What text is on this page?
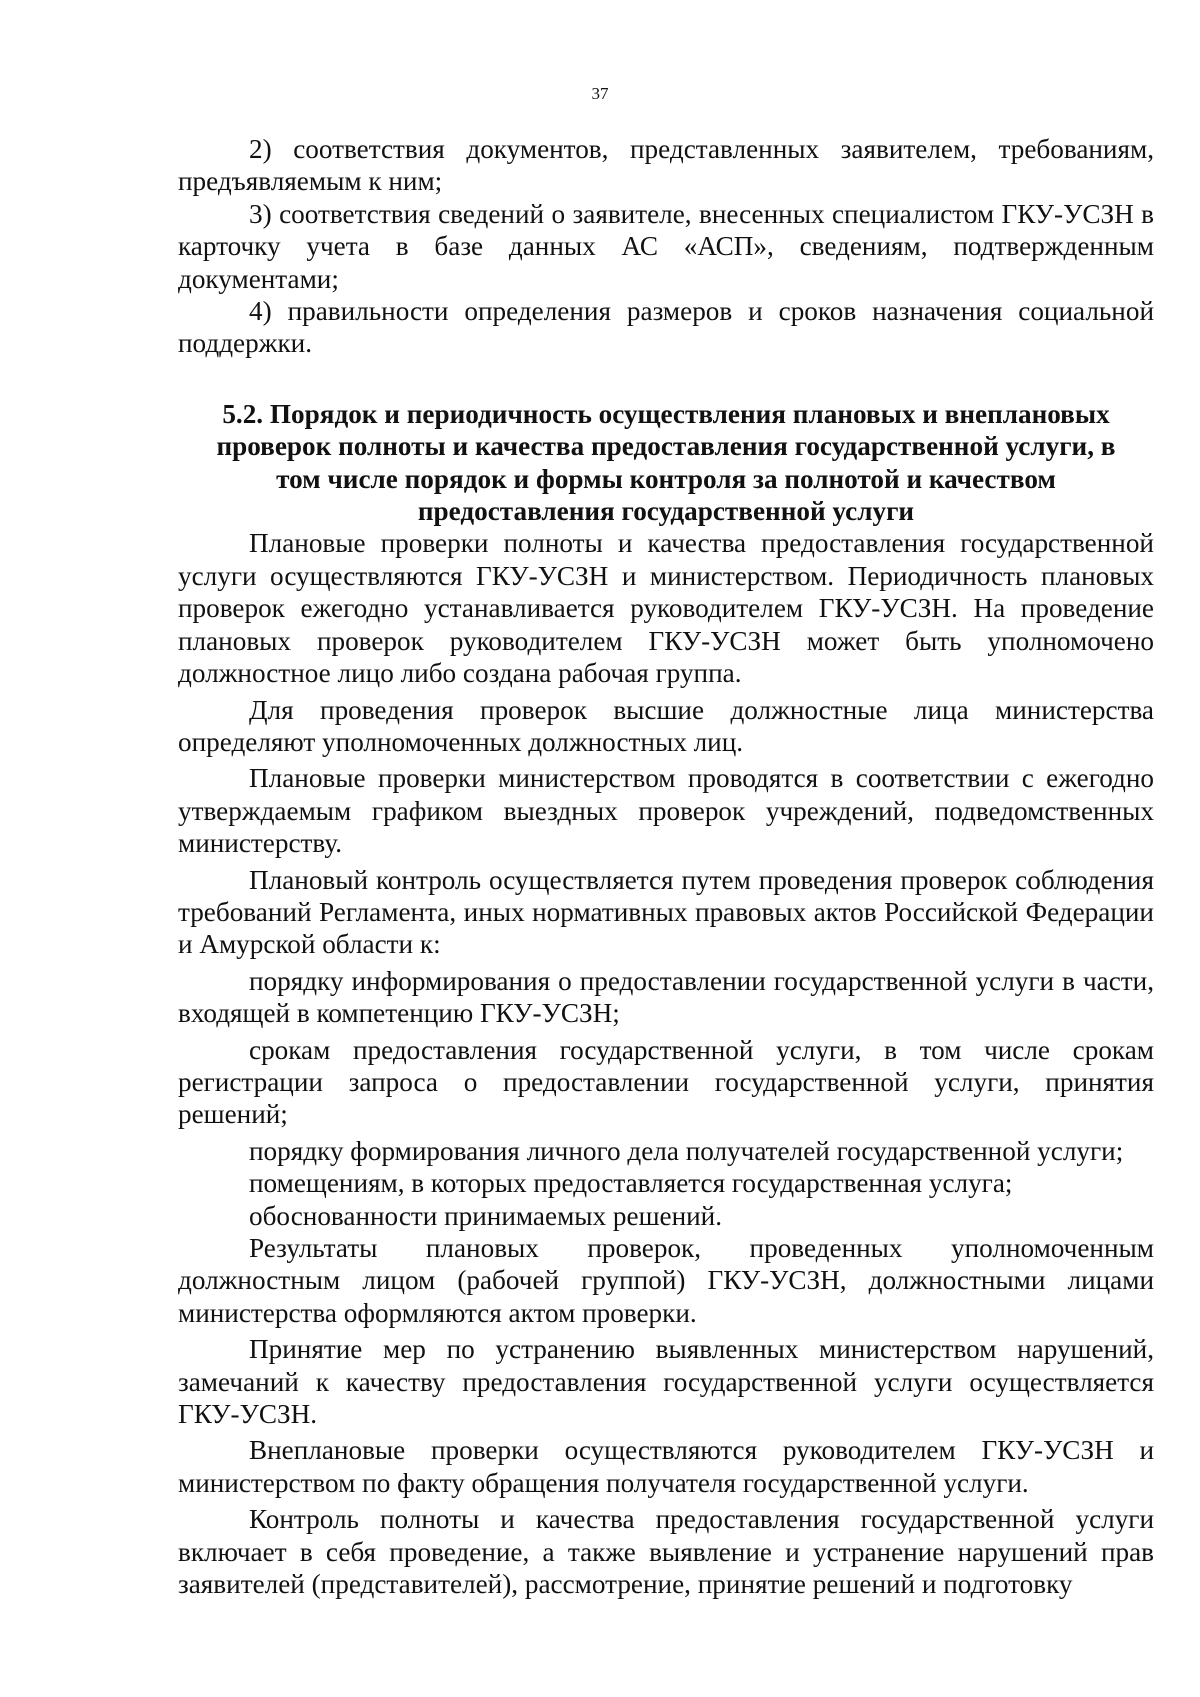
37

2) соответствия документов, представленных заявителем, требованиям, предъявляемым к ним;

3) соответствия сведений о заявителе, внесенных специалистом ГКУ-УСЗН в карточку учета в базе данных АС «АСП», сведениям, подтвержденным документами;

4) правильности определения размеров и сроков назначения социальной поддержки.

5.2. Порядок и периодичность осуществления плановых и внеплановых проверок полноты и качества предоставления государственной услуги, в том числе порядок и формы контроля за полнотой и качеством предоставления государственной услуги

Плановые проверки полноты и качества предоставления государственной услуги осуществляются ГКУ-УСЗН и министерством. Периодичность плановых проверок ежегодно устанавливается руководителем ГКУ-УСЗН. На проведение плановых проверок руководителем ГКУ-УСЗН может быть уполномочено должностное лицо либо создана рабочая группа.

Для проведения проверок высшие должностные лица министерства определяют уполномоченных должностных лиц.

Плановые проверки министерством проводятся в соответствии с ежегодно утверждаемым графиком выездных проверок учреждений, подведомственных министерству.

Плановый контроль осуществляется путем проведения проверок соблюдения требований Регламента, иных нормативных правовых актов Российской Федерации и Амурской области к:

порядку информирования о предоставлении государственной услуги в части, входящей в компетенцию ГКУ-УСЗН;

срокам предоставления государственной услуги, в том числе срокам регистрации запроса о предоставлении государственной услуги, принятия решений;

порядку формирования личного дела получателей государственной услуги;

помещениям, в которых предоставляется государственная услуга;

обоснованности принимаемых решений.

Результаты плановых проверок, проведенных уполномоченным должностным лицом (рабочей группой) ГКУ-УСЗН, должностными лицами министерства оформляются актом проверки.

Принятие мер по устранению выявленных министерством нарушений, замечаний к качеству предоставления государственной услуги осуществляется ГКУ-УСЗН.

Внеплановые проверки осуществляются руководителем ГКУ-УСЗН и министерством по факту обращения получателя государственной услуги.

Контроль полноты и качества предоставления государственной услуги включает в себя проведение, а также выявление и устранение нарушений прав заявителей (представителей), рассмотрение, принятие решений и подготовку
